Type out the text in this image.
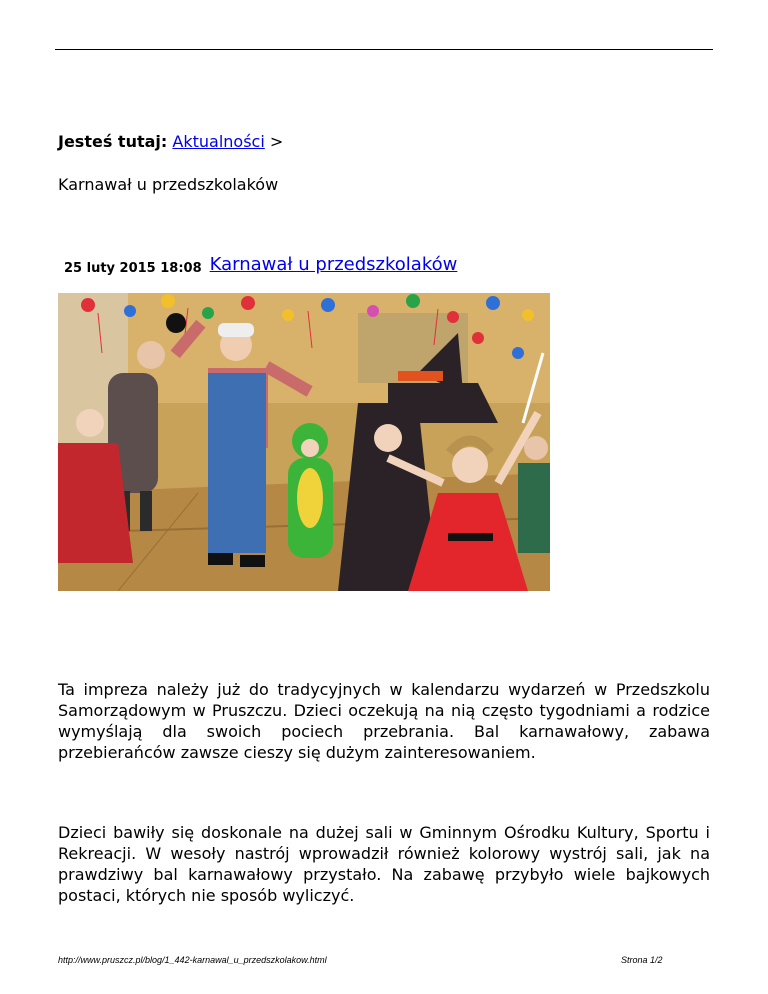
Jesteś tutaj: Aktualności >
Karnawał u przedszkolaków
25 luty 2015 18:08 Karnawał u przedszkolaków
Ta impreza należy już do tradycyjnych w kalendarzu wydarzeń w Przedszkolu Samorządowym w Pruszczu. Dzieci oczekują na nią często tygodniami a rodzice wymyślają dla swoich pociech przebrania. Bal karnawałowy, zabawa przebierańców zawsze cieszy się dużym zainteresowaniem.
Dzieci bawiły się doskonale na dużej sali w Gminnym Ośrodku Kultury, Sportu i Rekreacji. W wesoły nastrój wprowadził również kolorowy wystrój sali, jak na prawdziwy bal karnawałowy przystało. Na zabawę przybyło wiele bajkowych postaci, których nie sposób wyliczyć.
http://www.pruszcz.pl/blog/1_442-karnawal_u_przedszkolakow.html	Strona 1/2
